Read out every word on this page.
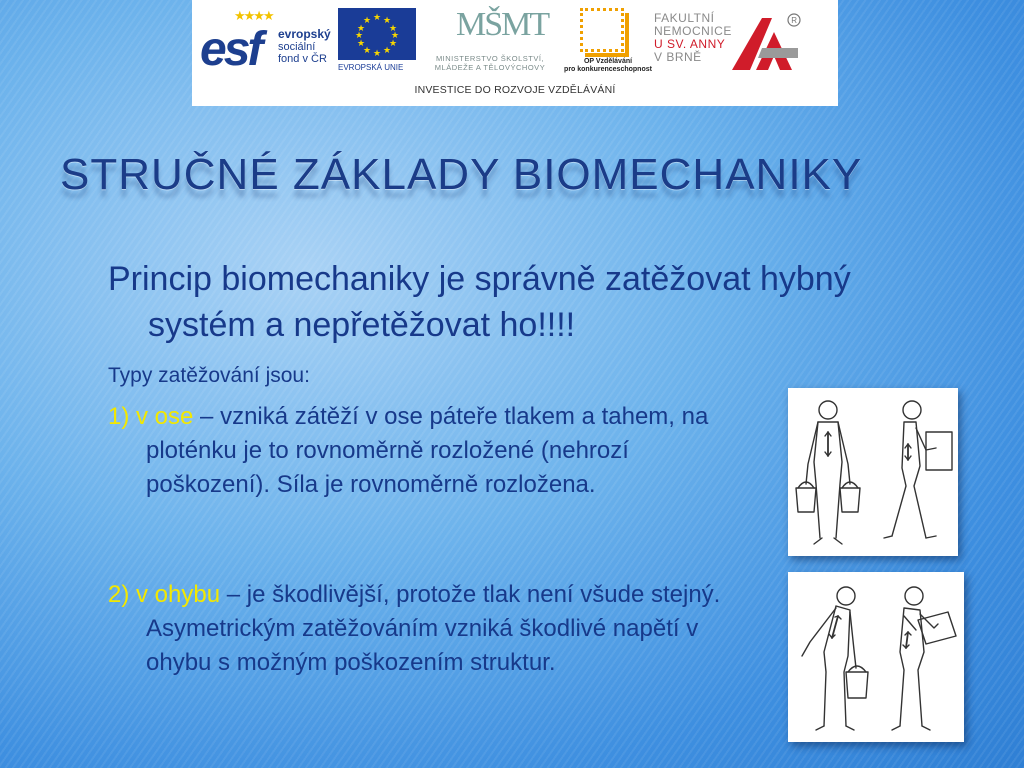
★★★★
esf evropský
sociální
fond v ČR
★ ★
★
★
★
★
★
★
★
★
★
★
EVROPSKÁ UNIE
MŠMT
MINISTERSTVO ŠKOLSTVÍ,
MLÁDEŽE A TĚLOVÝCHOVY
OP Vzdělávání
pro konkurenceschopnost
FAKULTNÍ
NEMOCNICE
U SV. ANNY
V BRNĚ
R
INVESTICE DO ROZVOJE VZDĚLÁVÁNÍ
STRUČNÉ ZÁKLADY BIOMECHANIKY

Princip biomechaniky je správně zatěžovat hybný systém a nepřetěžovat ho!!!!

Typy zatěžování jsou:

1) v ose – vzniká zátěží v ose páteře tlakem a tahem, na ploténku je to rovnoměrně rozložené (nehrozí poškození). Síla je rovnoměrně rozložena.

2) v ohybu – je škodlivější, protože tlak není všude stejný. Asymetrickým zatěžováním vzniká škodlivé napětí v ohybu s možným poškozením struktur.
